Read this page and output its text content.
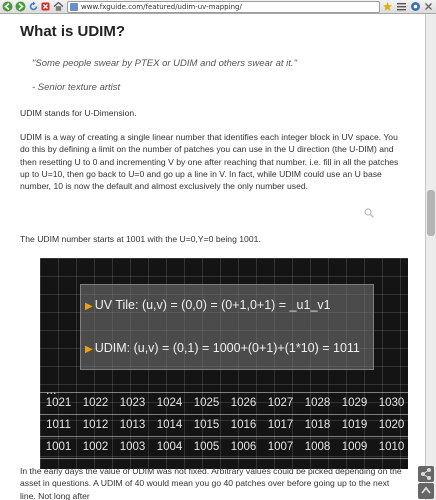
www.fxguide.com/featured/udim-uv-mapping/
What is UDIM?
"Some people swear by PTEX or UDIM and others swear at it."
- Senior texture artist

UDIM stands for U-Dimension.

UDIM is a way of creating a single linear number that identifies each integer block in UV space. You do this by defining a limit on the number of patches you can use in the U direction (the U-DIM) and then resetting U to 0 and incrementing V by one after reaching that number. i.e. fill in all the patches up to U=10, then go back to U=0 and go up a line in V. In fact, while UDIM could use an U base number, 10 is now the default and almost exclusively the only number used.

The UDIM number starts at 1001 with the U=0,Y=0 being 1001.

▶ UV Tile: (u,v) = (0,0) = (0+1,0+1) = _u1_v1
▶ UDIM: (u,v) = (0,1) = 1000+(0+1)+(1*10) = 1011
...
1021 1022 1023 1024 1025 1026 1027 1028 1029 1030
1011	1012 1013 1014 1015 1016 1017 1018 1019 1020
1001 1002 1003 1004 1005 1006 1007 1008 1009 1010

In the early days the value of UDIM was not fixed. Arbitrary values could be picked depending on the asset in questions. A UDIM of 40 would mean you go 40 patches over before going up to the next line. Not long after
